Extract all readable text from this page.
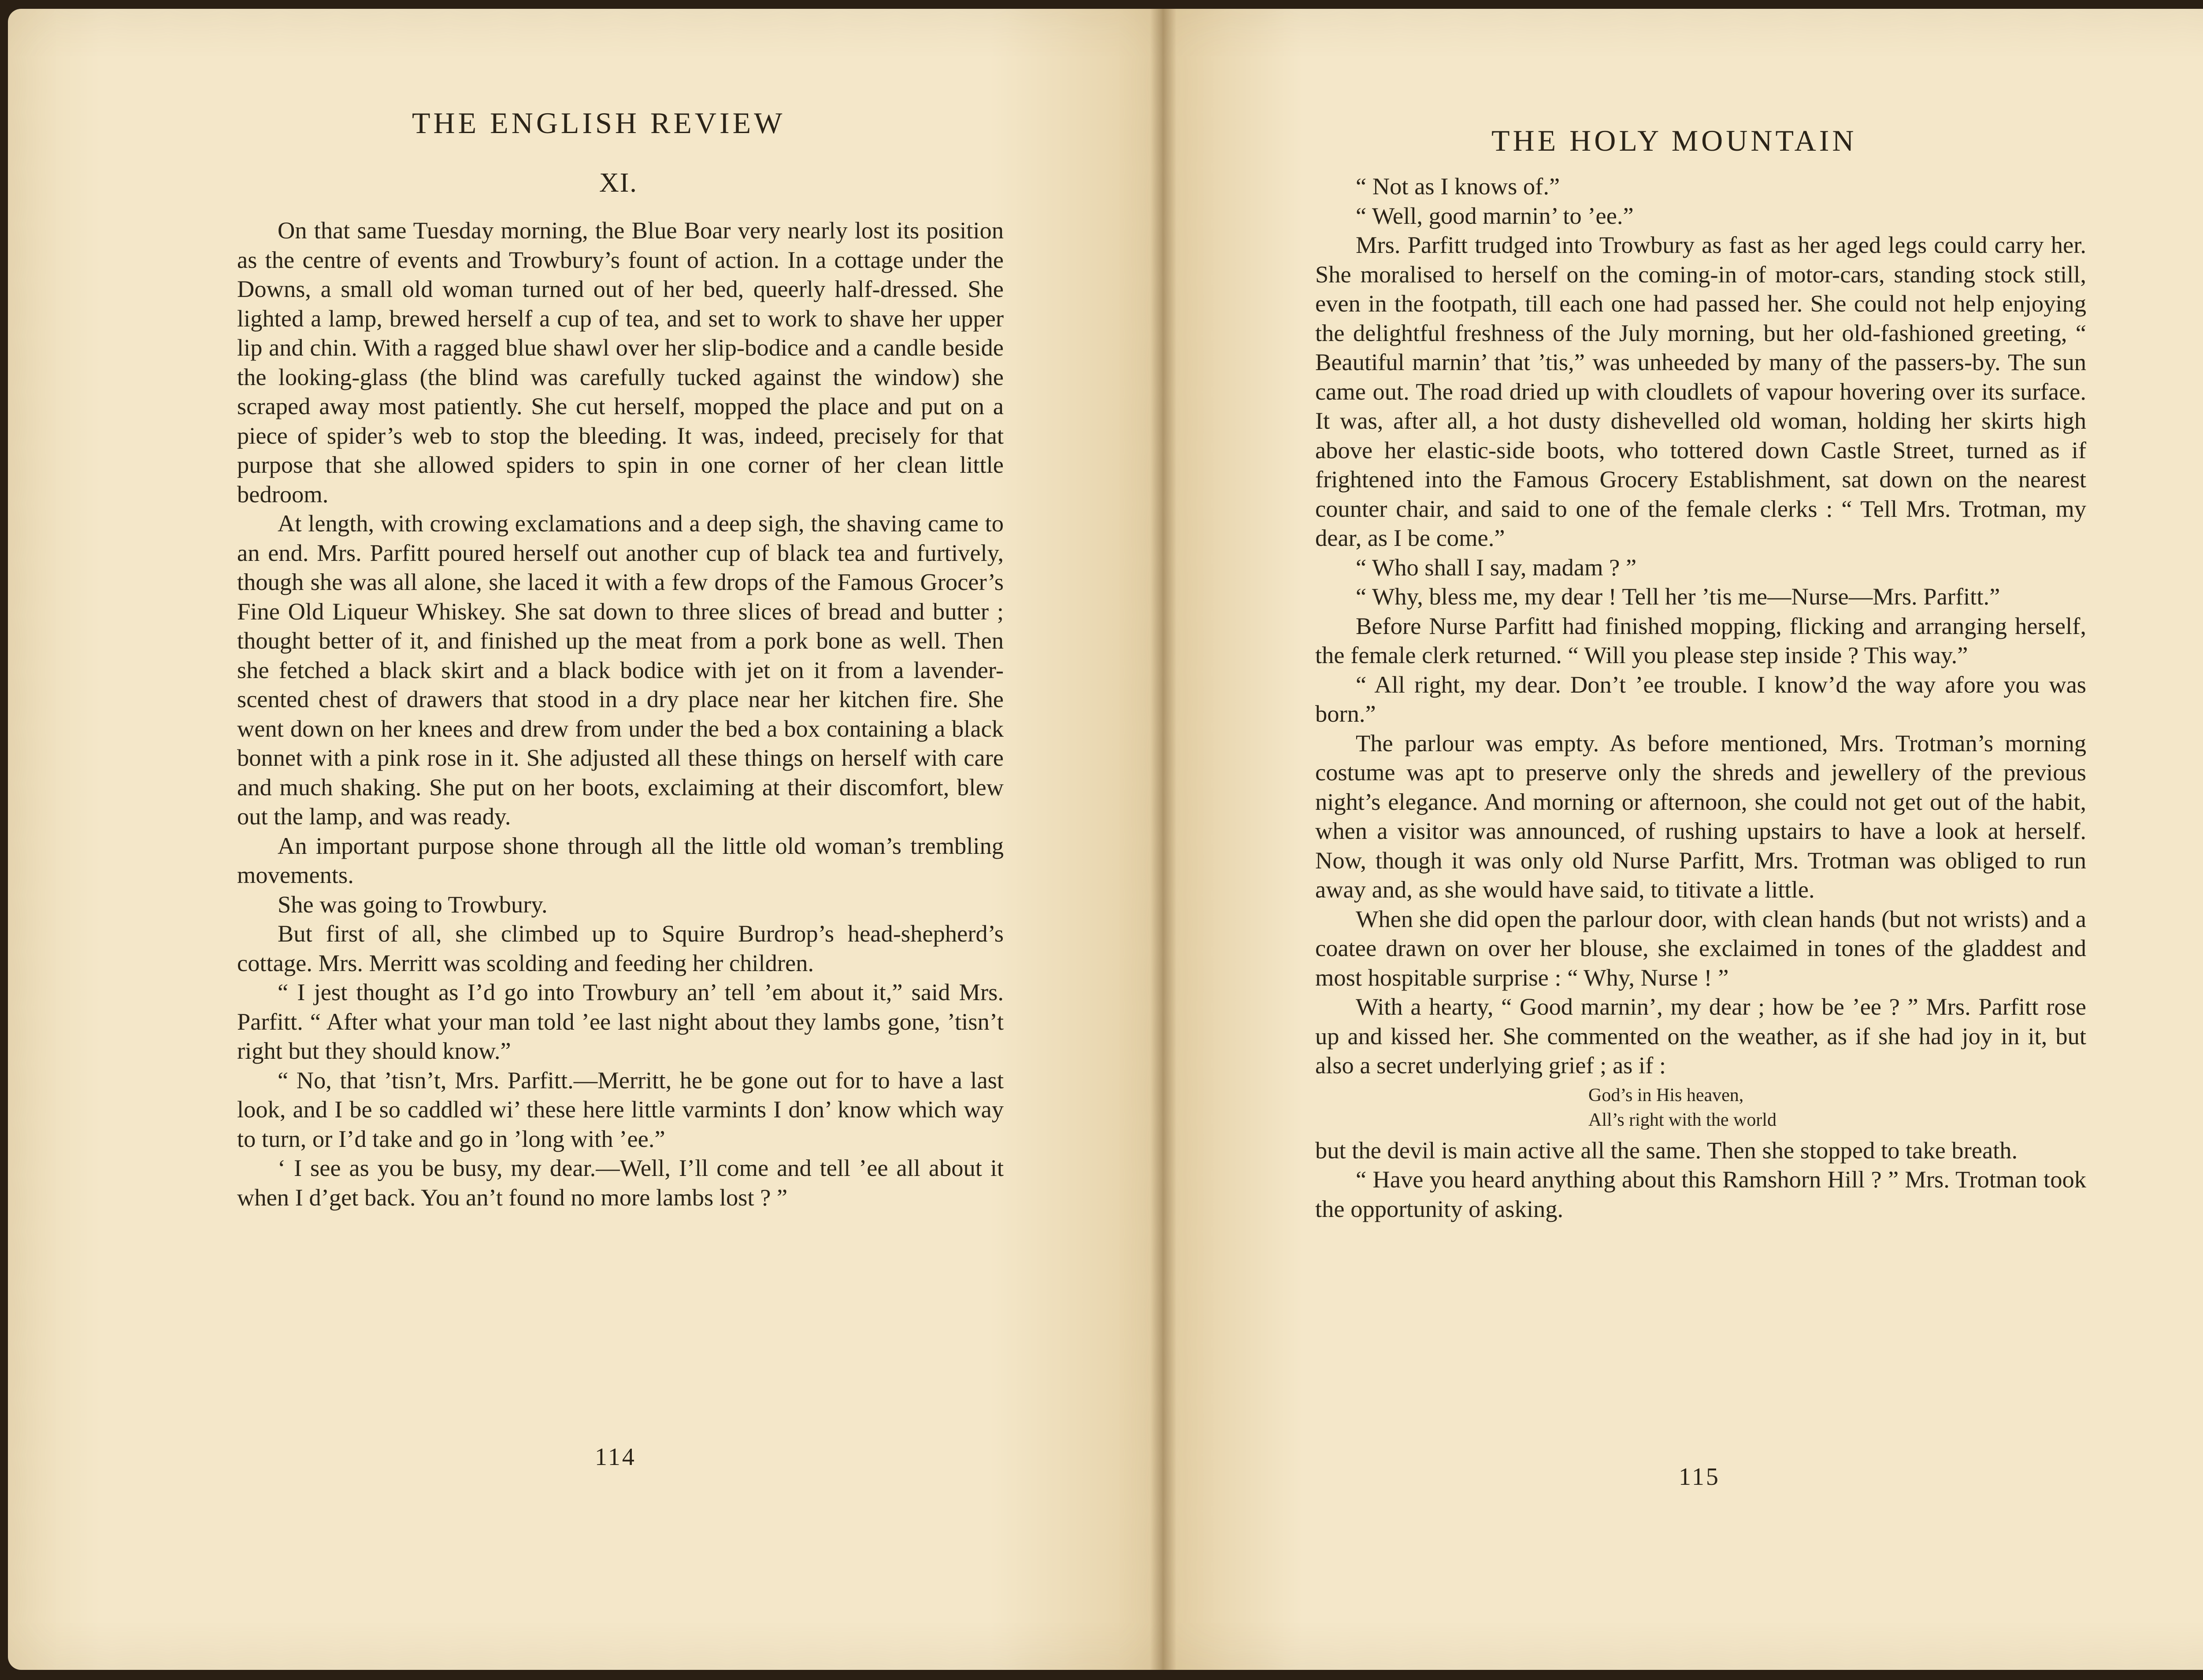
THE ENGLISH REVIEW
XI.

On that same Tuesday morning, the Blue Boar very nearly lost its position as the centre of events and Trowbury’s fount of action. In a cottage under the Downs, a small old woman turned out of her bed, queerly half-dressed. She lighted a lamp, brewed herself a cup of tea, and set to work to shave her upper lip and chin. With a ragged blue shawl over her slip-bodice and a candle beside the looking-glass (the blind was carefully tucked against the window) she scraped away most patiently. She cut herself, mopped the place and put on a piece of spider’s web to stop the bleeding. It was, indeed, precisely for that purpose that she allowed spiders to spin in one corner of her clean little bedroom.

At length, with crowing exclamations and a deep sigh, the shaving came to an end. Mrs. Parfitt poured herself out another cup of black tea and furtively, though she was all alone, she laced it with a few drops of the Famous Grocer’s Fine Old Liqueur Whiskey. She sat down to three slices of bread and butter ; thought better of it, and finished up the meat from a pork bone as well. Then she fetched a black skirt and a black bodice with jet on it from a lavender-scented chest of drawers that stood in a dry place near her kitchen fire. She went down on her knees and drew from under the bed a box containing a black bonnet with a pink rose in it. She adjusted all these things on herself with care and much shaking. She put on her boots, exclaiming at their discomfort, blew out the lamp, and was ready.

An important purpose shone through all the little old woman’s trembling movements.

She was going to Trowbury.

But first of all, she climbed up to Squire Burdrop’s head-shepherd’s cottage. Mrs. Merritt was scolding and feeding her children.

“ I jest thought as I’d go into Trowbury an’ tell ’em about it,” said Mrs. Parfitt. “ After what your man told ’ee last night about they lambs gone, ’tisn’t right but they should know.”

“ No, that ’tisn’t, Mrs. Parfitt.—Merritt, he be gone out for to have a last look, and I be so caddled wi’ these here little varmints I don’ know which way to turn, or I’d take and go in ’long with ’ee.”

‘ I see as you be busy, my dear.—Well, I’ll come and tell ’ee all about it when I d’get back. You an’t found no more lambs lost ? ”

114
THE HOLY MOUNTAIN

“ Not as I knows of.”

“ Well, good marnin’ to ’ee.”

Mrs. Parfitt trudged into Trowbury as fast as her aged legs could carry her. She moralised to herself on the coming-in of motor-cars, standing stock still, even in the footpath, till each one had passed her. She could not help enjoying the delightful freshness of the July morning, but her old-fashioned greeting, “ Beautiful marnin’ that ’tis,” was unheeded by many of the passers-by. The sun came out. The road dried up with cloudlets of vapour hovering over its surface. It was, after all, a hot dusty dishevelled old woman, holding her skirts high above her elastic-side boots, who tottered down Castle Street, turned as if frightened into the Famous Grocery Establishment, sat down on the nearest counter chair, and said to one of the female clerks : “ Tell Mrs. Trotman, my dear, as I be come.”

“ Who shall I say, madam ? ”

“ Why, bless me, my dear ! Tell her ’tis me—Nurse—Mrs. Parfitt.”

Before Nurse Parfitt had finished mopping, flicking and arranging herself, the female clerk returned. “ Will you please step inside ? This way.”

“ All right, my dear. Don’t ’ee trouble. I know’d the way afore you was born.”

The parlour was empty. As before mentioned, Mrs. Trotman’s morning costume was apt to preserve only the shreds and jewellery of the previous night’s elegance. And morning or afternoon, she could not get out of the habit, when a visitor was announced, of rushing upstairs to have a look at herself. Now, though it was only old Nurse Parfitt, Mrs. Trotman was obliged to run away and, as she would have said, to titivate a little.

When she did open the parlour door, with clean hands (but not wrists) and a coatee drawn on over her blouse, she exclaimed in tones of the gladdest and most hospitable surprise : “ Why, Nurse ! ”

With a hearty, “ Good marnin’, my dear ; how be ’ee ? ” Mrs. Parfitt rose up and kissed her. She commented on the weather, as if she had joy in it, but also a secret underlying grief ; as if :

God’s in His heaven,
All’s right with the world

but the devil is main active all the same. Then she stopped to take breath.

“ Have you heard anything about this Ramshorn Hill ? ” Mrs. Trotman took the opportunity of asking.

115
